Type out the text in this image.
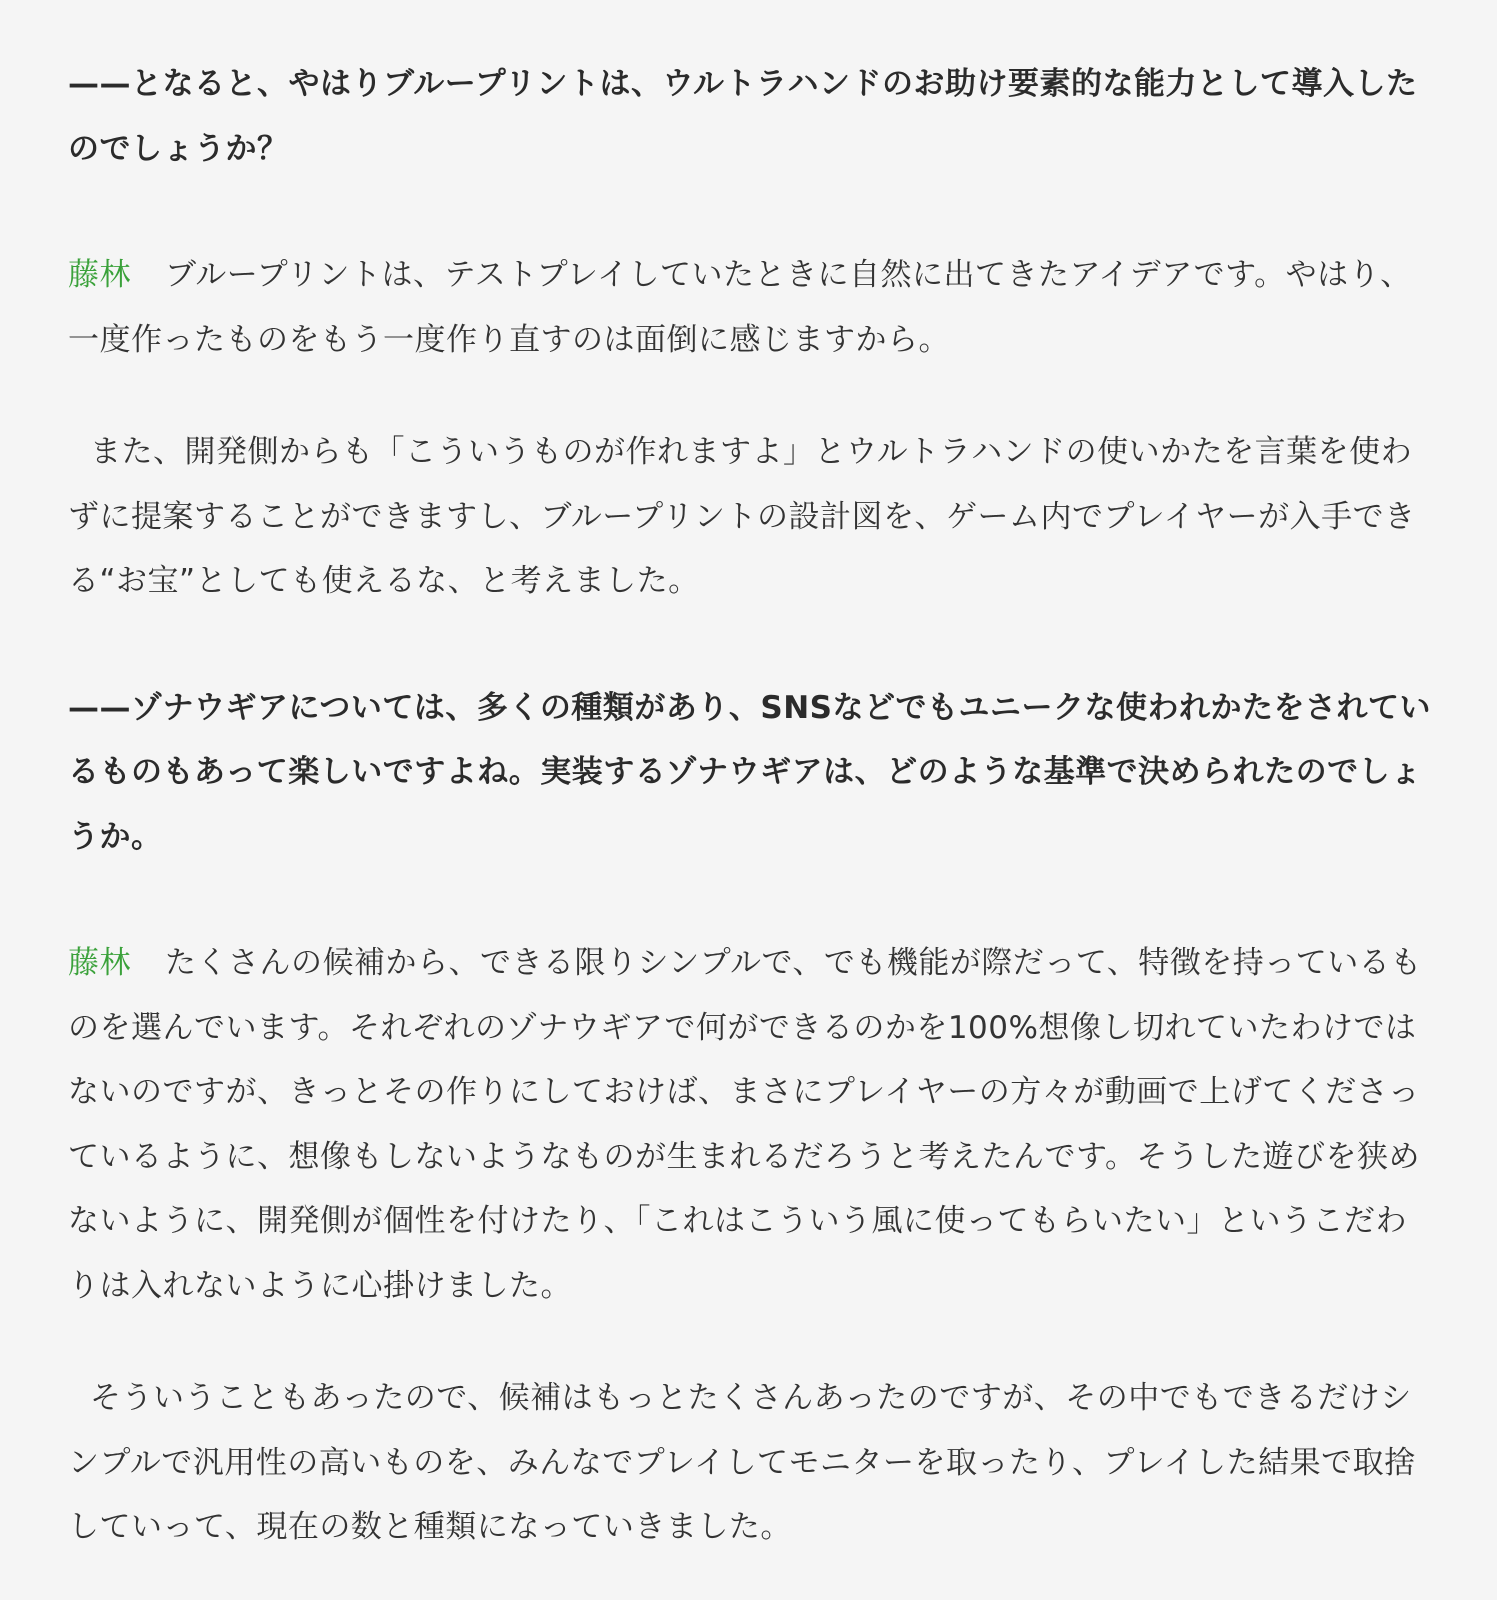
——となると、やはりブループリントは、ウルトラハンドのお助け要素的な能力として導入したのでしょうか？

藤林 ブループリントは、テストプレイしていたときに自然に出てきたアイデアです。やはり、一度作ったものをもう一度作り直すのは面倒に感じますから。

また、開発側からも「こういうものが作れますよ」とウルトラハンドの使いかたを言葉を使わずに提案することができますし、ブループリントの設計図を、ゲーム内でプレイヤーが入手できる“お宝”としても使えるな、と考えました。

——ゾナウギアについては、多くの種類があり、SNSなどでもユニークな使われかたをされているものもあって楽しいですよね。実装するゾナウギアは、どのような基準で決められたのでしょうか。

藤林 たくさんの候補から、できる限りシンプルで、でも機能が際だって、特徴を持っているものを選んでいます。それぞれのゾナウギアで何ができるのかを100%想像し切れていたわけではないのですが、きっとその作りにしておけば、まさにプレイヤーの方々が動画で上げてくださっているように、想像もしないようなものが生まれるだろうと考えたんです。そうした遊びを狭めないように、開発側が個性を付けたり、「これはこういう風に使ってもらいたい」というこだわりは入れないように心掛けました。

そういうこともあったので、候補はもっとたくさんあったのですが、その中でもできるだけシンプルで汎用性の高いものを、みんなでプレイしてモニターを取ったり、プレイした結果で取捨していって、現在の数と種類になっていきました。
